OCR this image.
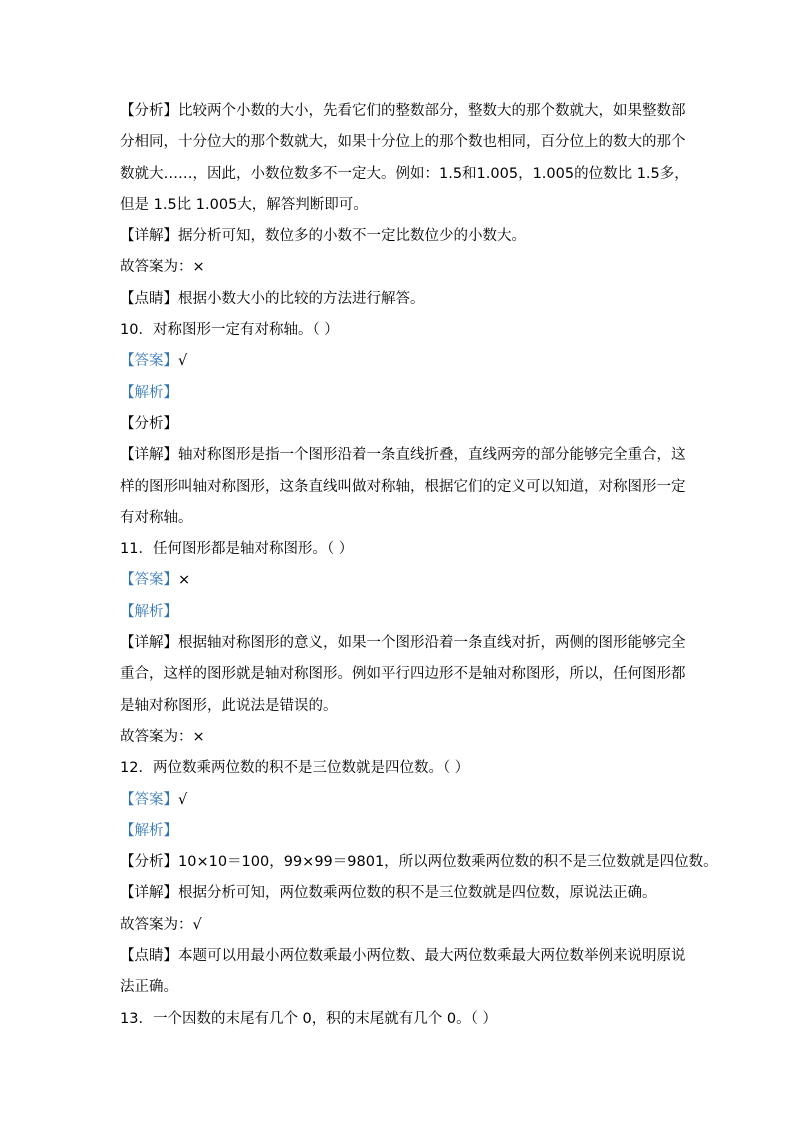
【分析】比较两个小数的大小，先看它们的整数部分，整数大的那个数就大，如果整数部
分相同，十分位大的那个数就大，如果十分位上的那个数也相同，百分位上的数大的那个
数就大……，因此，小数位数多不一定大。例如：1.5和1.005，1.005的位数比 1.5多，
但是 1.5比 1.005大，解答判断即可。
【详解】据分析可知，数位多的小数不一定比数位少的小数大。
故答案为：×
【点睛】根据小数大小的比较的方法进行解答。
10．对称图形一定有对称轴。（ ）
【答案】√
【解析】
【分析】
【详解】轴对称图形是指一个图形沿着一条直线折叠，直线两旁的部分能够完全重合，这
样的图形叫轴对称图形，这条直线叫做对称轴，根据它们的定义可以知道，对称图形一定
有对称轴。
11．任何图形都是轴对称图形。（ ）
【答案】×
【解析】
【详解】根据轴对称图形的意义，如果一个图形沿着一条直线对折，两侧的图形能够完全
重合，这样的图形就是轴对称图形。例如平行四边形不是轴对称图形，所以，任何图形都
是轴对称图形，此说法是错误的。
故答案为：×
12．两位数乘两位数的积不是三位数就是四位数。（ ）
【答案】√
【解析】
【分析】10×10＝100，99×99＝9801，所以两位数乘两位数的积不是三位数就是四位数。
【详解】根据分析可知，两位数乘两位数的积不是三位数就是四位数，原说法正确。
故答案为：√
【点睛】本题可以用最小两位数乘最小两位数、最大两位数乘最大两位数举例来说明原说
法正确。
13．一个因数的末尾有几个 0，积的末尾就有几个 0。（ ）
